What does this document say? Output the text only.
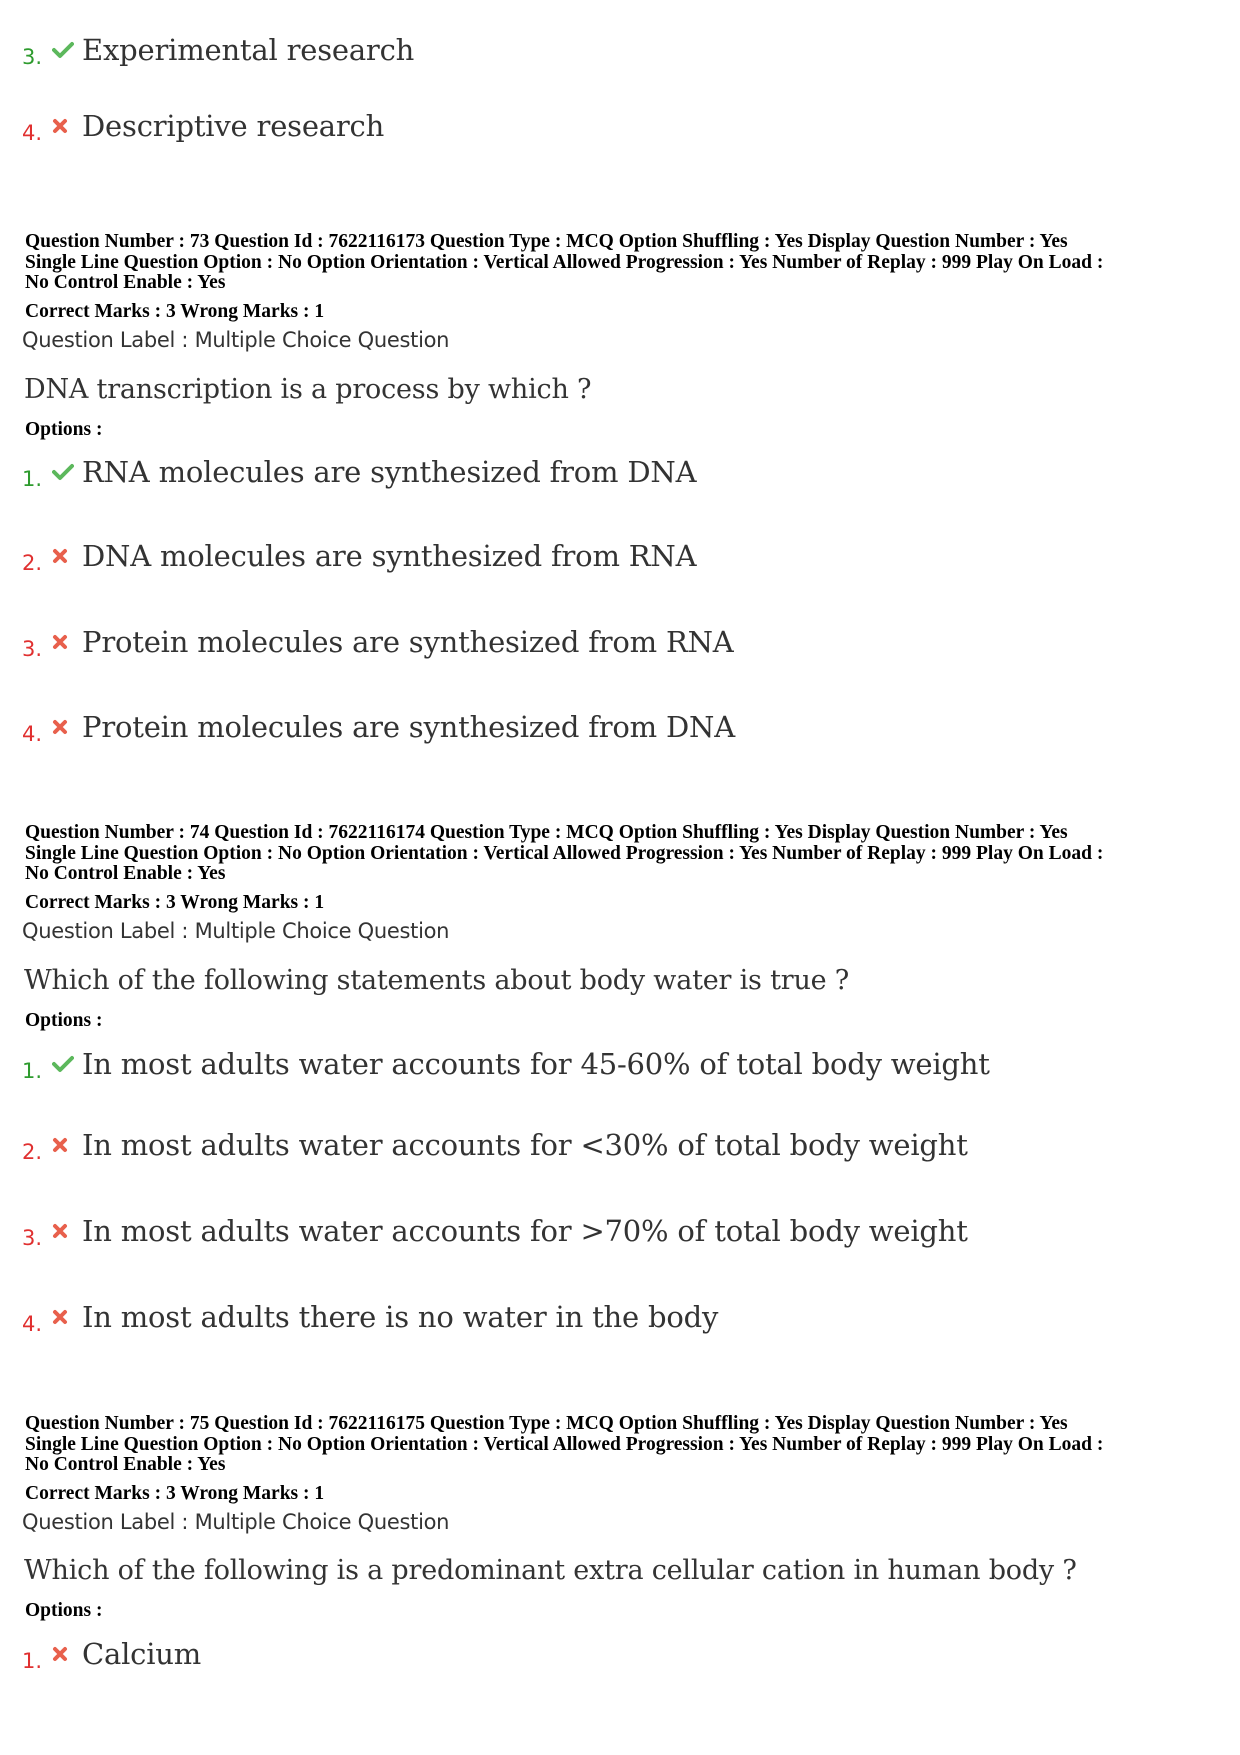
3.	Experimental research
4.	Descriptive research
Question Number : 73 Question Id : 7622116173 Question Type : MCQ Option Shuffling : Yes Display Question Number : Yes
Single Line Question Option : No Option Orientation : Vertical Allowed Progression : Yes Number of Replay : 999 Play On Load :
No Control Enable : Yes
Correct Marks : 3 Wrong Marks : 1
Question Label : Multiple Choice Question
DNA transcription is a process by which ?
Options :
1.	RNA molecules are synthesized from DNA
2.	DNA molecules are synthesized from RNA
3.	Protein molecules are synthesized from RNA
4.	Protein molecules are synthesized from DNA
Question Number : 74 Question Id : 7622116174 Question Type : MCQ Option Shuffling : Yes Display Question Number : Yes
Single Line Question Option : No Option Orientation : Vertical Allowed Progression : Yes Number of Replay : 999 Play On Load :
No Control Enable : Yes
Correct Marks : 3 Wrong Marks : 1
Question Label : Multiple Choice Question
Which of the following statements about body water is true ?
Options :
1.	In most adults water accounts for 45-60% of total body weight
2.	In most adults water accounts for <30% of total body weight
3.	In most adults water accounts for >70% of total body weight
4.	In most adults there is no water in the body
Question Number : 75 Question Id : 7622116175 Question Type : MCQ Option Shuffling : Yes Display Question Number : Yes
Single Line Question Option : No Option Orientation : Vertical Allowed Progression : Yes Number of Replay : 999 Play On Load :
No Control Enable : Yes
Correct Marks : 3 Wrong Marks : 1
Question Label : Multiple Choice Question
Which of the following is a predominant extra cellular cation in human body ?
Options :
1.	Calcium
